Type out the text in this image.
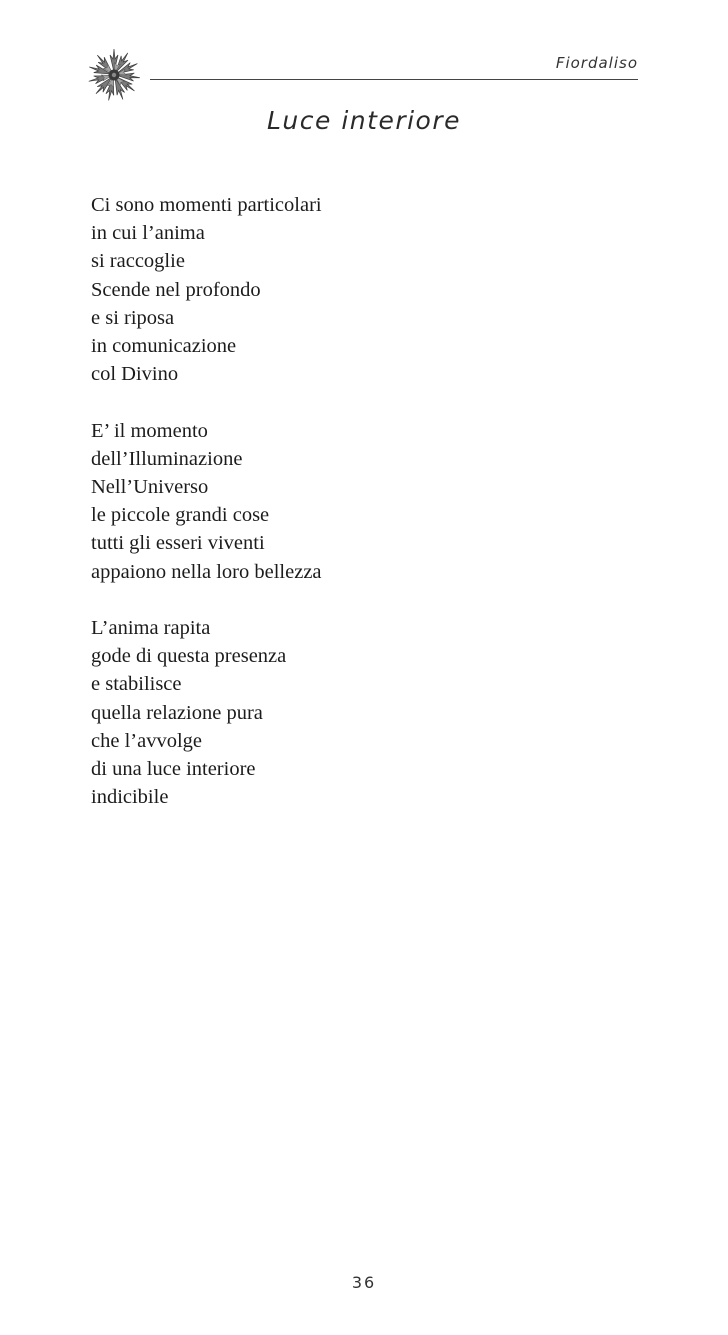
Fiordaliso
Luce interiore
Ci sono momenti particolari
in cui l’anima
si raccoglie
Scende nel profondo
e si riposa
in comunicazione
col Divino
E’ il momento
dell’Illuminazione
Nell’Universo
le piccole grandi cose
tutti gli esseri viventi
appaiono nella loro bellezza
L’anima rapita
gode di questa presenza
e stabilisce
quella relazione pura
che l’avvolge
di una luce interiore
indicibile
36
